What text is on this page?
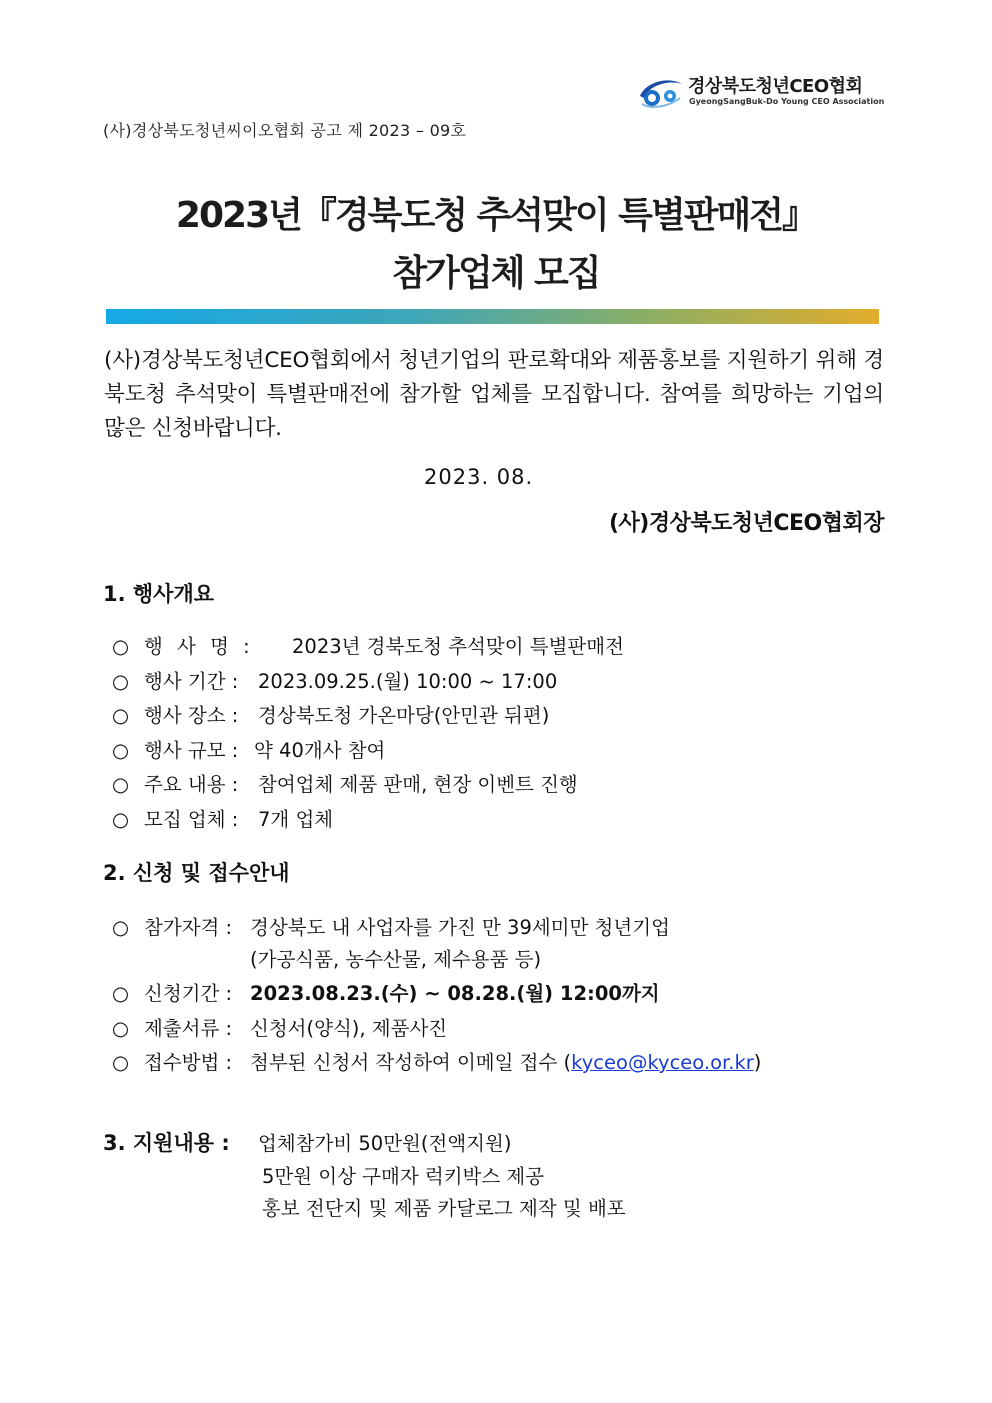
경상북도청년CEO협회
GyeongSangBuk-Do Young CEO Association
(사)경상북도청년씨이오협회 공고 제 2023 – 09호
2023년『경북도청 추석맞이 특별판매전』
참가업체 모집
(사)경상북도청년CEO협회에서 청년기업의 판로확대와 제품홍보를 지원하기 위해 경북도청 추석맞이 특별판매전에 참가할 업체를 모집합니다. 참여를 희망하는 기업의 많은 신청바랍니다.
2023. 08.
(사)경상북도청년CEO협회장
1. 행사개요
○ 행 사 명 : 2023년 경북도청 추석맞이 특별판매전
○ 행사 기간 : 2023.09.25.(월) 10:00 ~ 17:00
○ 행사 장소 : 경상북도청 가온마당(안민관 뒤편)
○ 행사 규모 : 약 40개사 참여
○ 주요 내용 : 참여업체 제품 판매, 현장 이벤트 진행
○ 모집 업체 : 7개 업체
2. 신청 및 접수안내
○ 참가자격 : 경상북도 내 사업자를 가진 만 39세미만 청년기업
(가공식품, 농수산물, 제수용품 등)
○ 신청기간 : 2023.08.23.(수) ~ 08.28.(월) 12:00까지
○ 제출서류 : 신청서(양식), 제품사진
○ 접수방법 : 첨부된 신청서 작성하여 이메일 접수 (kyceo@kyceo.or.kr)
3. 지원내용 : 업체참가비 50만원(전액지원)
5만원 이상 구매자 럭키박스 제공
홍보 전단지 및 제품 카달로그 제작 및 배포
